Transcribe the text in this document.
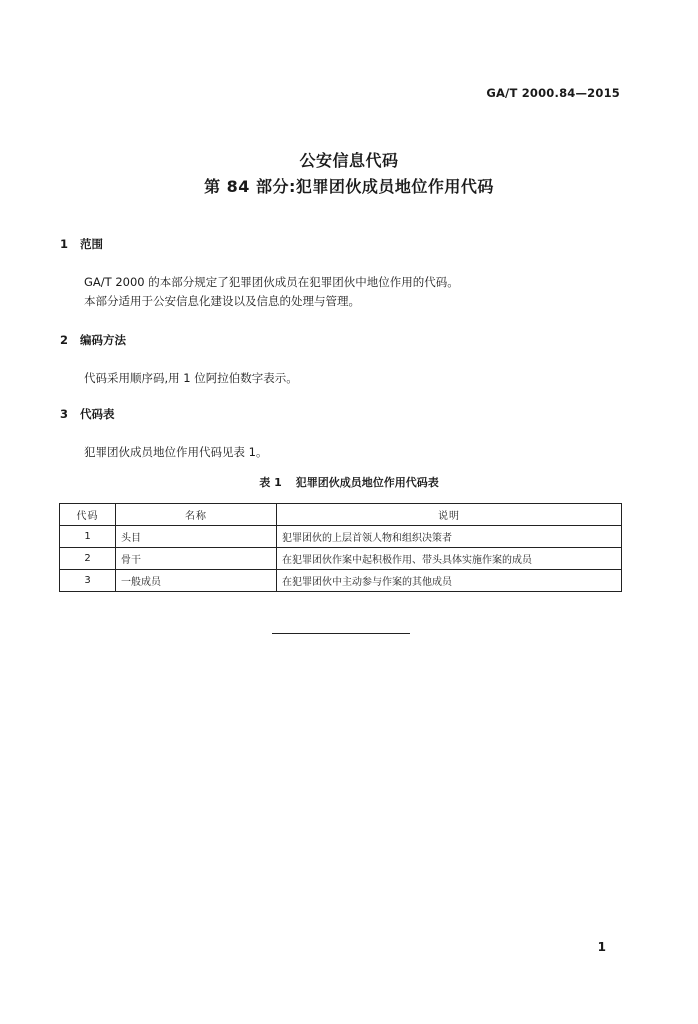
GA/T 2000.84—2015
公安信息代码
第 84 部分:犯罪团伙成员地位作用代码
1 范围
GA/T 2000 的本部分规定了犯罪团伙成员在犯罪团伙中地位作用的代码。
本部分适用于公安信息化建设以及信息的处理与管理。
2 编码方法
代码采用顺序码,用 1 位阿拉伯数字表示。
3 代码表
犯罪团伙成员地位作用代码见表 1。
表 1 犯罪团伙成员地位作用代码表
代码	名称	说明
1	头目	犯罪团伙的上层首领人物和组织决策者
2	骨干	在犯罪团伙作案中起积极作用、带头具体实施作案的成员
3	一般成员	在犯罪团伙中主动参与作案的其他成员
1
